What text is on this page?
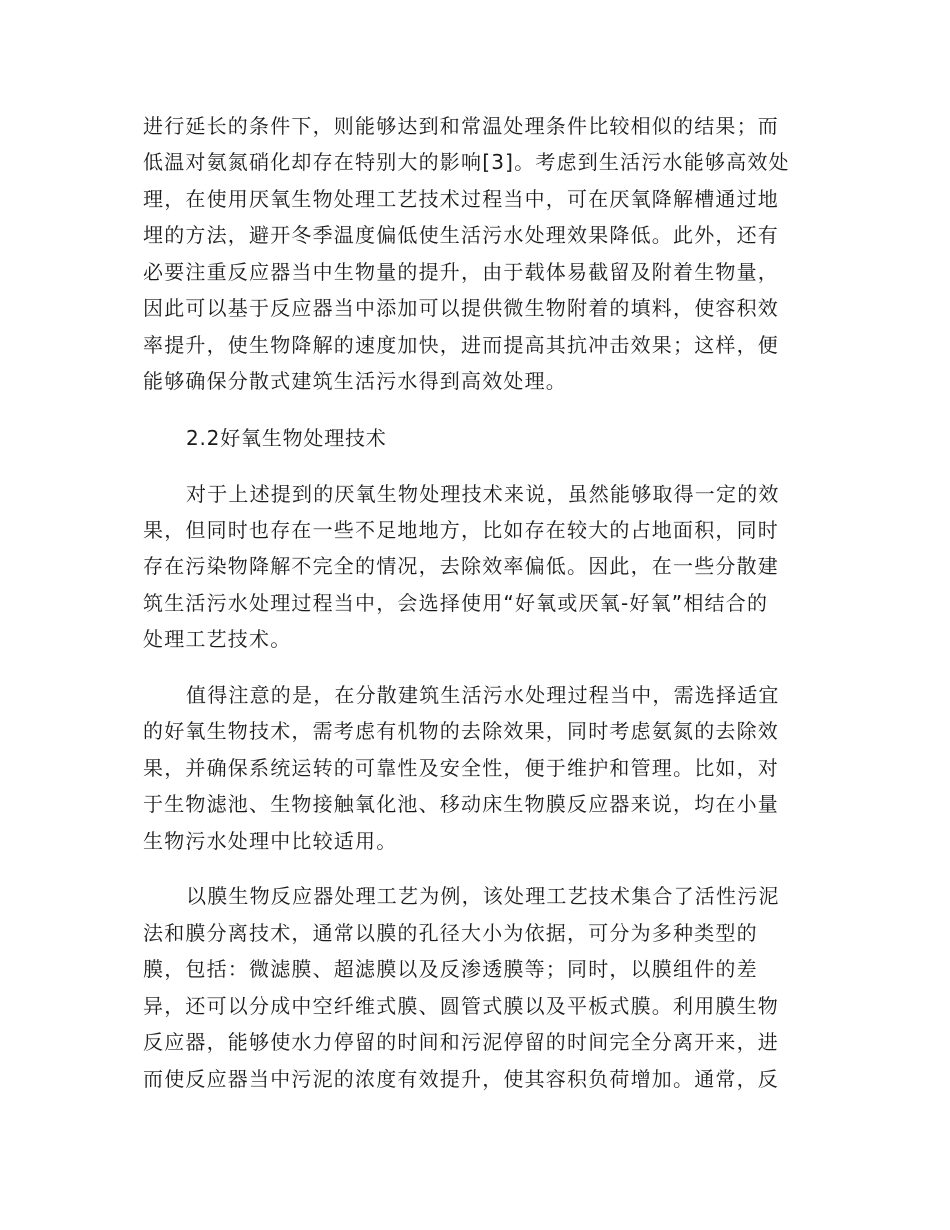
进行延长的条件下，则能够达到和常温处理条件比较相似的结果；而
低温对氨氮硝化却存在特别大的影响[3]。考虑到生活污水能够高效处
理，在使用厌氧生物处理工艺技术过程当中，可在厌氧降解槽通过地
埋的方法，避开冬季温度偏低使生活污水处理效果降低。此外，还有
必要注重反应器当中生物量的提升，由于载体易截留及附着生物量，
因此可以基于反应器当中添加可以提供微生物附着的填料，使容积效
率提升，使生物降解的速度加快，进而提高其抗冲击效果；这样，便
能够确保分散式建筑生活污水得到高效处理。
2.2好氧生物处理技术
对于上述提到的厌氧生物处理技术来说，虽然能够取得一定的效
果，但同时也存在一些不足地地方，比如存在较大的占地面积，同时
存在污染物降解不完全的情况，去除效率偏低。因此，在一些分散建
筑生活污水处理过程当中，会选择使用“好氧或厌氧-好氧”相结合的
处理工艺技术。
值得注意的是，在分散建筑生活污水处理过程当中，需选择适宜
的好氧生物技术，需考虑有机物的去除效果，同时考虑氨氮的去除效
果，并确保系统运转的可靠性及安全性，便于维护和管理。比如，对
于生物滤池、生物接触氧化池、移动床生物膜反应器来说，均在小量
生物污水处理中比较适用。
以膜生物反应器处理工艺为例，该处理工艺技术集合了活性污泥
法和膜分离技术，通常以膜的孔径大小为依据，可分为多种类型的
膜，包括：微滤膜、超滤膜以及反渗透膜等；同时，以膜组件的差
异，还可以分成中空纤维式膜、圆管式膜以及平板式膜。利用膜生物
反应器，能够使水力停留的时间和污泥停留的时间完全分离开来，进
而使反应器当中污泥的浓度有效提升，使其容积负荷增加。通常，反
